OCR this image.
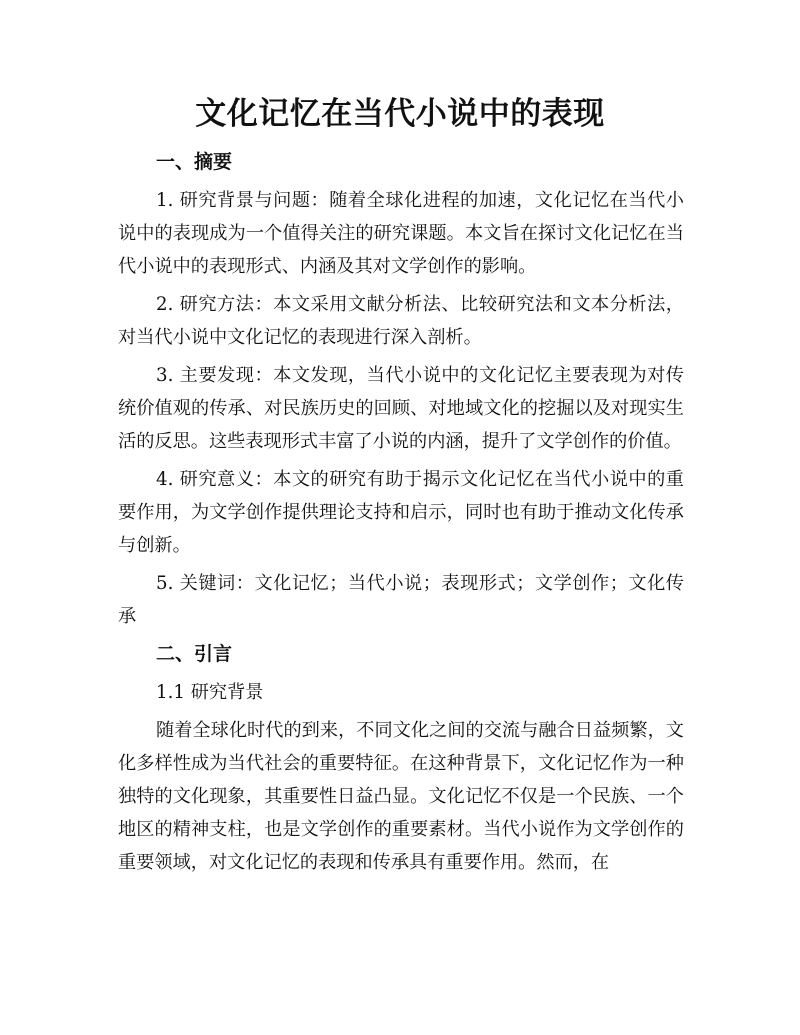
文化记忆在当代小说中的表现
一、摘要

1. 研究背景与问题：随着全球化进程的加速，文化记忆在当代小说中的表现成为一个值得关注的研究课题。本文旨在探讨文化记忆在当代小说中的表现形式、内涵及其对文学创作的影响。

2. 研究方法：本文采用文献分析法、比较研究法和文本分析法，对当代小说中文化记忆的表现进行深入剖析。

3. 主要发现：本文发现，当代小说中的文化记忆主要表现为对传统价值观的传承、对民族历史的回顾、对地域文化的挖掘以及对现实生活的反思。这些表现形式丰富了小说的内涵，提升了文学创作的价值。

4. 研究意义：本文的研究有助于揭示文化记忆在当代小说中的重要作用，为文学创作提供理论支持和启示，同时也有助于推动文化传承与创新。

5. 关键词：文化记忆；当代小说；表现形式；文学创作；文化传承

二、引言
1.1 研究背景

随着全球化时代的到来，不同文化之间的交流与融合日益频繁，文化多样性成为当代社会的重要特征。在这种背景下，文化记忆作为一种独特的文化现象，其重要性日益凸显。文化记忆不仅是一个民族、一个地区的精神支柱，也是文学创作的重要素材。当代小说作为文学创作的重要领域，对文化记忆的表现和传承具有重要作用。然而，在
